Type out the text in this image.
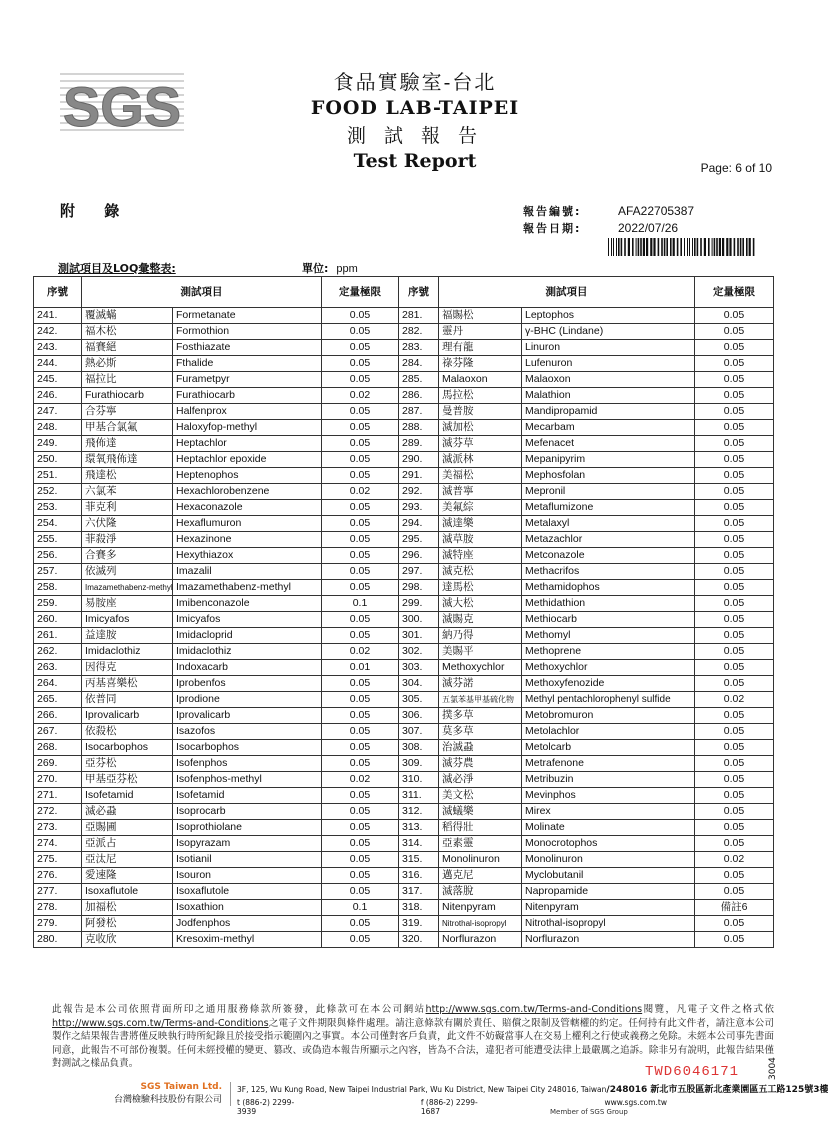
SGS	食品實驗室-台北
FOOD LAB-TAIPEI
測 試 報 告
Test Report	Page: 6 of 10
附 錄	報告編號:	AFA22705387
報告日期:	2022/07/26
測試項目及LOQ彙整表:	單位: ppm
序號	測試項目		定量極限	序號	測試項目		定量極限
241.	覆滅蟎	Formetanate	0.05	281.	福賜松	Leptophos	0.05
242.	福木松	Formothion	0.05	282.	靈丹	γ-BHC (Lindane)	0.05
243.	福賽絕	Fosthiazate	0.05	283.	理有龍	Linuron	0.05
244.	熱必斯	Fthalide	0.05	284.	祿芬隆	Lufenuron	0.05
245.	福拉比	Furametpyr	0.05	285.	Malaoxon	Malaoxon	0.05
246.	Furathiocarb	Furathiocarb	0.02	286.	馬拉松	Malathion	0.05
247.	合芬寧	Halfenprox	0.05	287.	曼普胺	Mandipropamid	0.05
248.	甲基合氯氟	Haloxyfop-methyl	0.05	288.	滅加松	Mecarbam	0.05
249.	飛佈達	Heptachlor	0.05	289.	滅芬草	Mefenacet	0.05
250.	環氧飛佈達	Heptachlor epoxide	0.05	290.	滅派林	Mepanipyrim	0.05
251.	飛達松	Heptenophos	0.05	291.	美福松	Mephosfolan	0.05
252.	六氯苯	Hexachlorobenzene	0.02	292.	滅普寧	Mepronil	0.05
253.	菲克利	Hexaconazole	0.05	293.	美氟綜	Metaflumizone	0.05
254.	六伏隆	Hexaflumuron	0.05	294.	滅達樂	Metalaxyl	0.05
255.	菲殺淨	Hexazinone	0.05	295.	滅草胺	Metazachlor	0.05
256.	合賽多	Hexythiazox	0.05	296.	滅特座	Metconazole	0.05
257.	依滅列	Imazalil	0.05	297.	滅克松	Methacrifos	0.05
258.	Imazamethabenz-methyl	Imazamethabenz-methyl	0.05	298.	達馬松	Methamidophos	0.05
259.	易胺座	Imibenconazole	0.1	299.	滅大松	Methidathion	0.05
260.	Imicyafos	Imicyafos	0.05	300.	滅賜克	Methiocarb	0.05
261.	益達胺	Imidacloprid	0.05	301.	納乃得	Methomyl	0.05
262.	Imidaclothiz	Imidaclothiz	0.02	302.	美賜平	Methoprene	0.05
263.	因得克	Indoxacarb	0.01	303.	Methoxychlor	Methoxychlor	0.05
264.	丙基喜樂松	Iprobenfos	0.05	304.	滅芬諾	Methoxyfenozide	0.05
265.	依普同	Iprodione	0.05	305.	五氯苯基甲基硫化物	Methyl pentachlorophenyl sulfide	0.02
266.	Iprovalicarb	Iprovalicarb	0.05	306.	撲多草	Metobromuron	0.05
267.	依殺松	Isazofos	0.05	307.	莫多草	Metolachlor	0.05
268.	Isocarbophos	Isocarbophos	0.05	308.	治滅蝨	Metolcarb	0.05
269.	亞芬松	Isofenphos	0.05	309.	滅芬農	Metrafenone	0.05
270.	甲基亞芬松	Isofenphos-methyl	0.02	310.	滅必淨	Metribuzin	0.05
271.	Isofetamid	Isofetamid	0.05	311.	美文松	Mevinphos	0.05
272.	滅必蝨	Isoprocarb	0.05	312.	滅蟻樂	Mirex	0.05
273.	亞賜圃	Isoprothiolane	0.05	313.	稻得壯	Molinate	0.05
274.	亞派占	Isopyrazam	0.05	314.	亞素靈	Monocrotophos	0.05
275.	亞汰尼	Isotianil	0.05	315.	Monolinuron	Monolinuron	0.02
276.	愛速隆	Isouron	0.05	316.	邁克尼	Myclobutanil	0.05
277.	Isoxaflutole	Isoxaflutole	0.05	317.	滅落脫	Napropamide	0.05
278.	加福松	Isoxathion	0.1	318.	Nitenpyram	Nitenpyram	備註6
279.	阿發松	Jodfenphos	0.05	319.	Nitrothal-isopropyl	Nitrothal-isopropyl	0.05
280.	克收欣	Kresoxim-methyl	0.05	320.	Norflurazon	Norflurazon	0.05
此報告是本公司依照背面所印之通用服務條款所簽發，此條款可在本公司網站http://www.sgs.com.tw/Terms-and-Conditions閱覽，凡電子文件之格式依http://www.sgs.com.tw/Terms-and-Conditions之電子文件期限與條件處理。請注意條款有關於責任、賠償之限制及管轄權的約定。任何持有此文件者，請注意本公司製作之結果報告書將僅反映執行時所紀錄且於接受指示範圍內之事實。本公司僅對客戶負責，此文件不妨礙當事人在交易上權利之行使或義務之免除。未經本公司事先書面同意，此報告不可部份複製。任何未經授權的變更、篡改、或偽造本報告所顯示之內容，皆為不合法，違犯者可能遭受法律上最嚴厲之追訴。除非另有說明，此報告結果僅對測試之樣品負責。
TWD6046171	3004
SGS Taiwan Ltd.
台灣檢驗科技股份有限公司
3F, 125, Wu Kung Road, New Taipei Industrial Park, Wu Ku District, New Taipei City 248016, Taiwan/248016 新北市五股區新北產業園區五工路125號3樓
t (886-2) 2299-3939
f (886-2) 2299-1687
www.sgs.com.tw
Member of SGS Group
